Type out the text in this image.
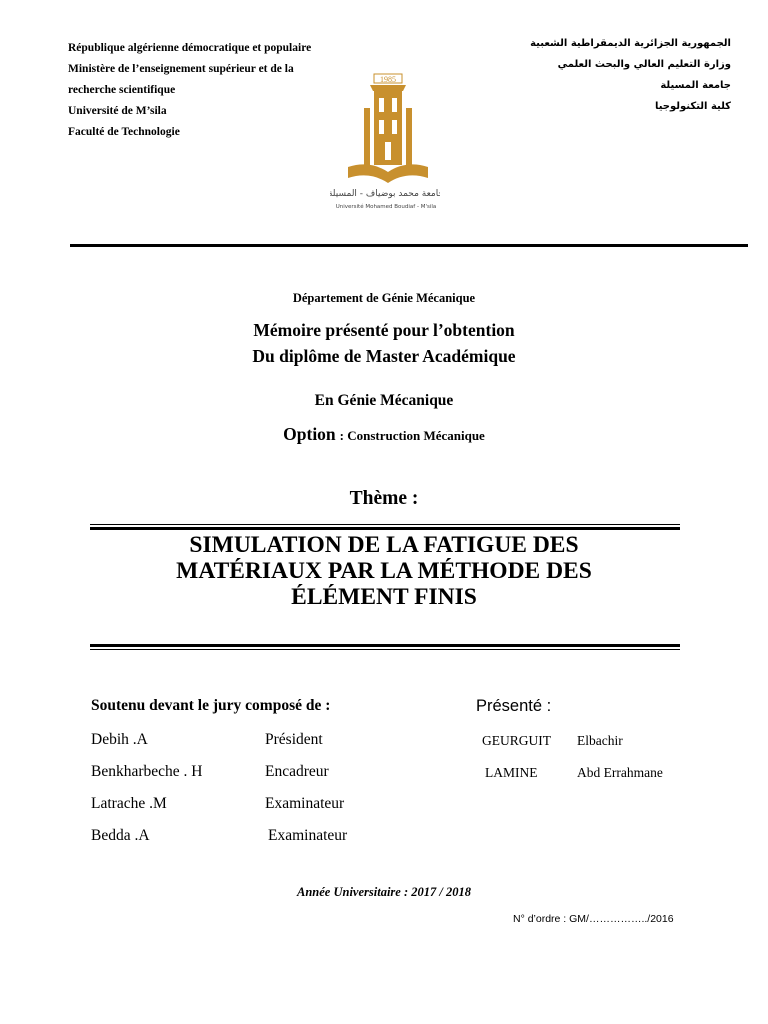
République algérienne démocratique et populaire
Ministère de l’enseignement supérieur et de la
recherche scientifique
Université de M’sila
Faculté de Technologie
الجمهورية الجزائرية الديمقراطية الشعبية
وزارة التعليم العالي والبحث العلمي
جامعة المسيلة
كلية التكنولوجيا
1985
جامعة محمد بوضياف - المسيلة
Université Mohamed Boudiaf - M'sila
Département de Génie Mécanique
Mémoire présenté pour l’obtention
Du diplôme de Master Académique
En Génie Mécanique
Option : Construction Mécanique
Thème :
SIMULATION DE LA FATIGUE DES
MATÉRIAUX PAR LA MÉTHODE DES
ÉLÉMENT FINIS
Soutenu devant le jury composé de :	Présenté :
Debih .A	Président
Benkharbeche . H	Encadreur
Latrache .M	Examinateur
Bedda .A	Examinateur
GEURGUIT Elbachir
LAMINE	Abd Errahmane
Année Universitaire : 2017 / 2018
N° d’ordre : GM/……………../2016
